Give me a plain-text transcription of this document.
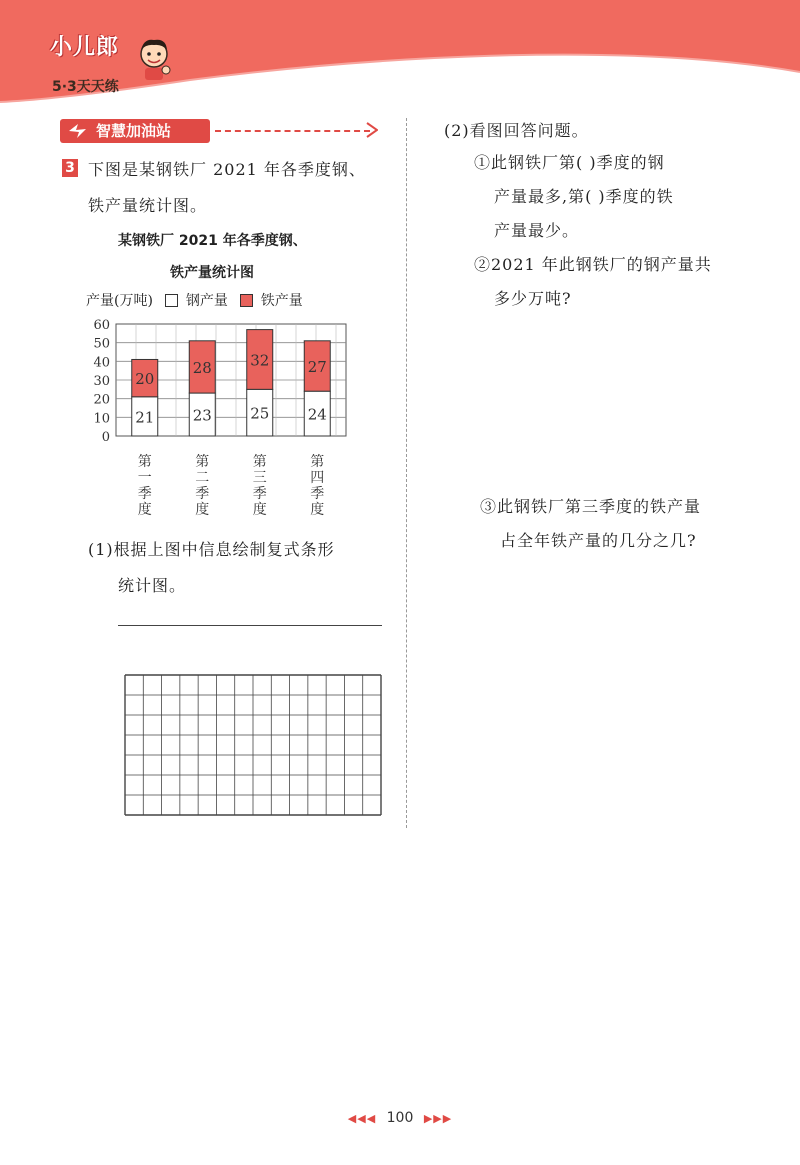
小儿郎
5·3天天练
智慧加油站
3 下图是某钢铁厂 2021 年各季度钢、
铁产量统计图。
某钢铁厂 2021 年各季度钢、
铁产量统计图
产量(万吨) 钢产量 铁产量
0
10
20
30
40
50
60
21
20
第一季度
23
28
第二季度
25
32
第三季度
24
27
第四季度
(1)根据上图中信息绘制复式条形
统计图。
(2)看图回答问题。
①此钢铁厂第( )季度的钢
产量最多,第( )季度的铁
产量最少。
②2021 年此钢铁厂的钢产量共
多少万吨?
③此钢铁厂第三季度的铁产量
占全年铁产量的几分之几?
◀◀◀ 100 ▶▶▶
